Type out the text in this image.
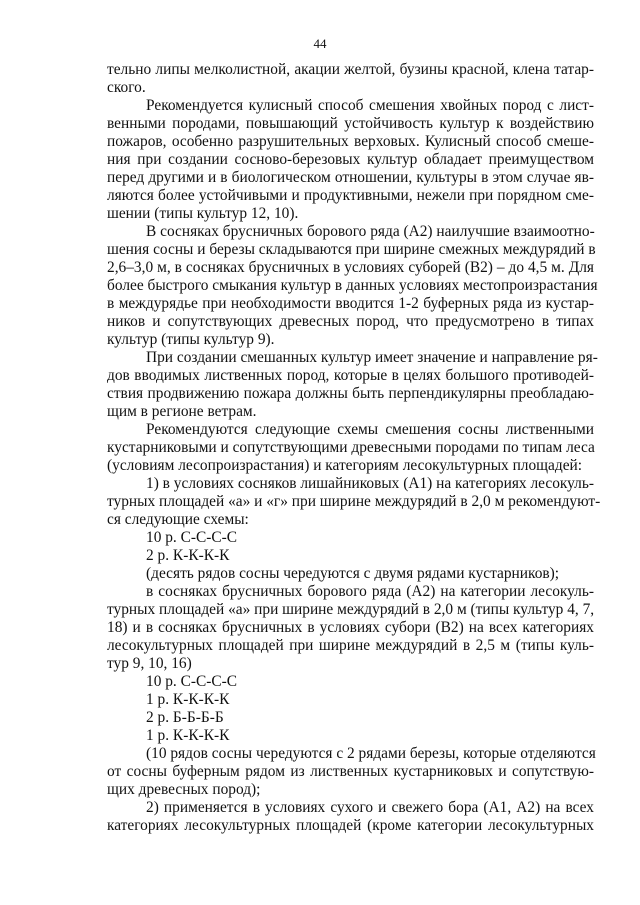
44
тельно липы мелколистной, акации желтой, бузины красной, клена татар-
ского.
Рекомендуется кулисный способ смешения хвойных пород с лист-
венными породами, повышающий устойчивость культур к воздействию
пожаров, особенно разрушительных верховых. Кулисный способ смеше-
ния при создании сосново-березовых культур обладает преимуществом
перед другими и в биологическом отношении, культуры в этом случае яв-
ляются более устойчивыми и продуктивными, нежели при порядном сме-
шении (типы культур 12, 10).
В сосняках брусничных борового ряда (А2) наилучшие взаимоотно-
шения сосны и березы складываются при ширине смежных междурядий в
2,6–3,0 м, в сосняках брусничных в условиях суборей (В2) – до 4,5 м. Для
более быстрого смыкания культур в данных условиях местопроизрастания
в междурядье при необходимости вводится 1-2 буферных ряда из кустар-
ников и сопутствующих древесных пород, что предусмотрено в типах
культур (типы культур 9).
При создании смешанных культур имеет значение и направление ря-
дов вводимых лиственных пород, которые в целях большого противодей-
ствия продвижению пожара должны быть перпендикулярны преобладаю-
щим в регионе ветрам.
Рекомендуются следующие схемы смешения сосны лиственными
кустарниковыми и сопутствующими древесными породами по типам леса
(условиям лесопроизрастания) и категориям лесокультурных площадей:
1) в условиях сосняков лишайниковых (А1) на категориях лесокуль-
турных площадей «а» и «г» при ширине междурядий в 2,0 м рекомендуют-
ся следующие схемы:
10 р. С-С-С-С
2 р. К-К-К-К
(десять рядов сосны чередуются с двумя рядами кустарников);
в сосняках брусничных борового ряда (А2) на категории лесокуль-
турных площадей «а» при ширине междурядий в 2,0 м (типы культур 4, 7,
18) и в сосняках брусничных в условиях субори (В2) на всех категориях
лесокультурных площадей при ширине междурядий в 2,5 м (типы куль-
тур 9, 10, 16)
10 р. С-С-С-С
1 р. К-К-К-К
2 р. Б-Б-Б-Б
1 р. К-К-К-К
(10 рядов сосны чередуются с 2 рядами березы, которые отделяются
от сосны буферным рядом из лиственных кустарниковых и сопутствую-
щих древесных пород);
2) применяется в условиях сухого и свежего бора (А1, А2) на всех
категориях лесокультурных площадей (кроме категории лесокультурных
